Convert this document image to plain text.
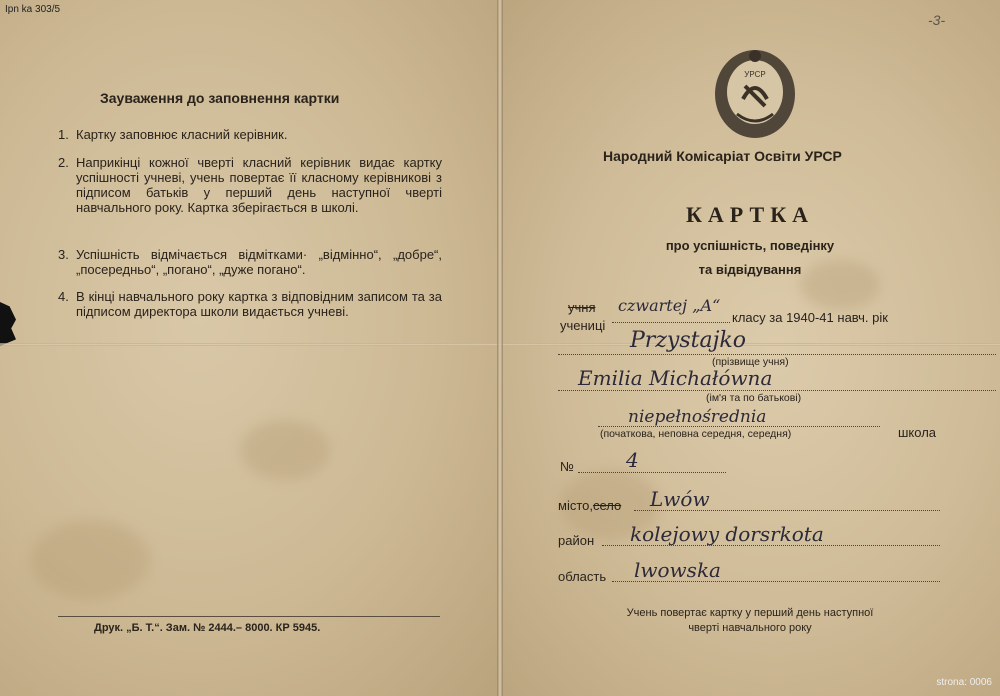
Ipn ka 303/5
Зауваження до заповнення картки
1. Картку заповнює класний керівник.
2. Наприкінці кожної чверті класний керівник видає картку успішності учневі, учень повертає її класному керівникові з підписом батьків у перший день наступної чверті навчального року. Картка зберігається в школі.
3. Успішність відмічається відмітками· „відмінно“, „добре“, „посередньо“, „погано“, „дуже погано“.
4. В кінці навчального року картка з відповідним записом та за підписом директора школи видається учневі.
Друк. „Б. Т.“. Зам. № 2444.– 8000. КР 5945.
-3-
УРСР
Народний Комісаріат Освіти УРСР
КАРТКА
про успішність, поведінку
та відвідування
учня czwartej „A“
класу за 1940-41 навч. рік
учениці
Przystajko
(прізвище учня)
Emilia Michałówna
(ім'я та по батькові)
niepełnośrednia
(початкова, неповна середня, середня)	школа
№	4
місто,село Lwów
район kolejowy dorsrkota
область lwowska
Учень повертає картку у перший день наступної
чверті навчального року
strona: 0006
